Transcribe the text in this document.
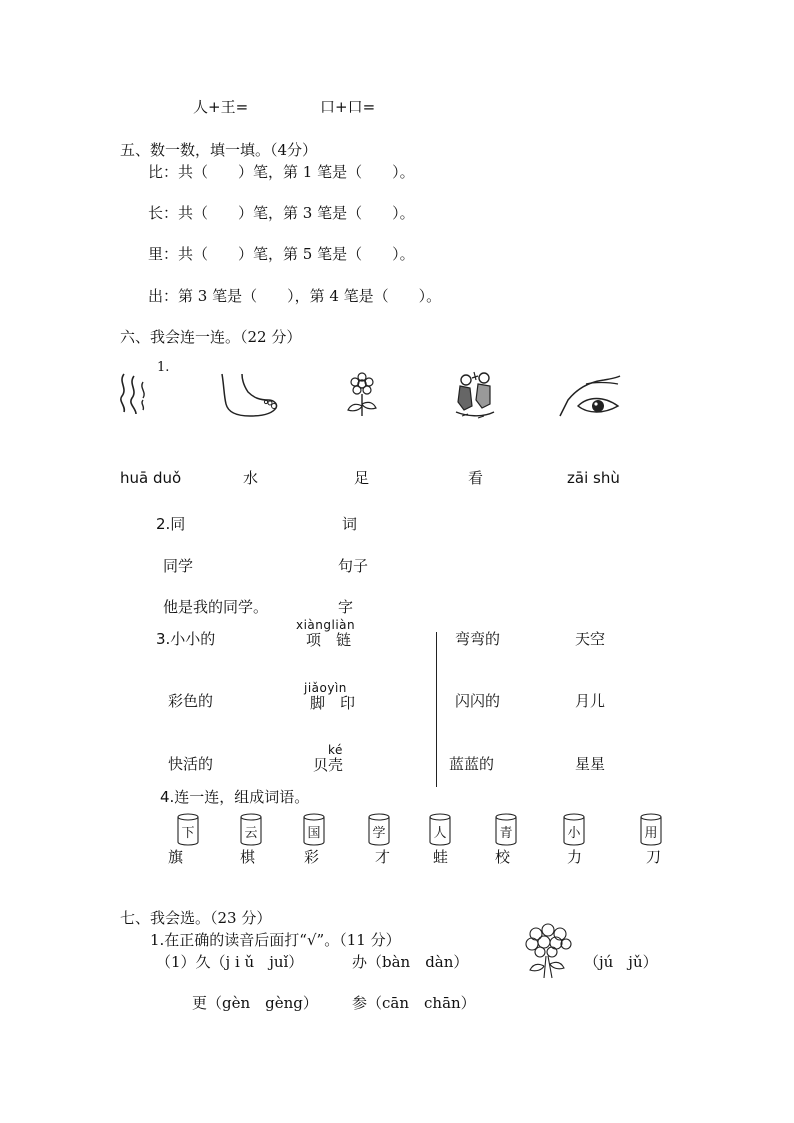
人+王=	口+口=
五、数一数，填一填。（4分）
比：共（　　）笔，第 1 笔是（　　）。
长：共（　　）笔，第 3 笔是（　　）。
里：共（　　）笔，第 5 笔是（　　）。
出：第 3 笔是（　　），第 4 笔是（　　）。
六、我会连一连。（22 分）
1.
huā duǒ	水	足	看	zāi shù
2.同
同学
他是我的同学。
词
句子
字
3.小小的
彩色的
快活的
xiàngliàn
项　链
jiǎoyìn
脚　印
ké
贝壳
弯弯的
闪闪的
蓝蓝的
天空
月儿
星星
4.连一连，组成词语。
下	云	国	学	人	青	小	用
旗	棋	彩	才	蛙	校	力	刀
七、我会选。（23 分）
1.在正确的读音后面打“√”。（11 分）
（1）久（j i ǔ　juǐ）	办（bàn　dàn）	（jú　jǔ）
更（gèn　gèng） 参（cān　chān）
